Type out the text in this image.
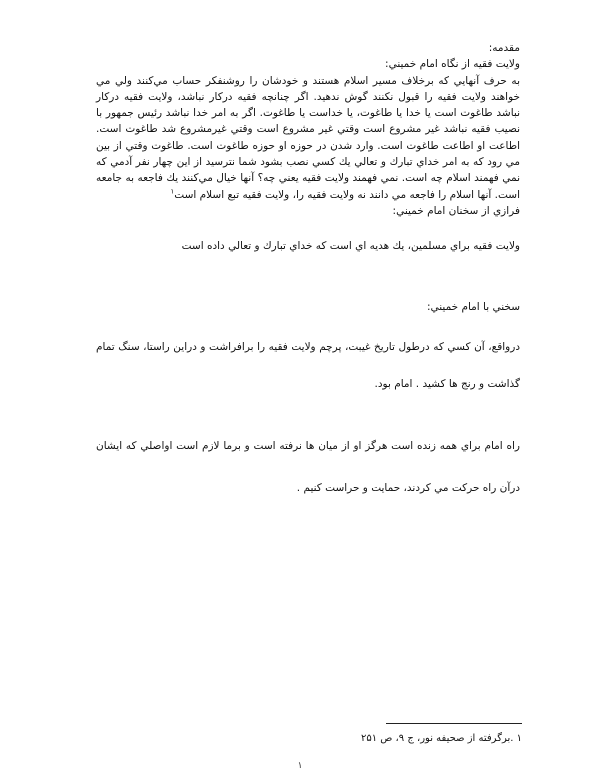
مقدمه:

ولايت فقيه از نگاه امام خميني:

به حرف آنهايي كه برخلاف مسير اسلام هستند و خودشان را روشنفكر حساب مي‌كنند ولي مي خواهند ولايت فقيه را قبول نكنند گوش ندهيد. اگر چنانچه فقيه دركار نباشد، ولايت فقيه دركار نباشد طاغوت است يا خدا يا طاغوت، يا خداست يا طاغوت. اگر به امر خدا نباشد رئيس جمهور با نصيب فقيه نباشد غير مشروع است وقتي غير مشروع است وقتي غيرمشروع شد طاغوت است. اطاعت او اطاعت طاغوت است. وارد شدن در حوزه او حوزه طاغوت است. طاغوت وقتي از بين مي رود كه به امر خداي تبارك و تعالي يك كسي نصب بشود شما نترسيد از اين چهار نفر آدمي كه نمي فهمند اسلام چه است. نمي فهمند ولايت فقيه يعني چه؟ آنها خيال مي‌كنند يك فاجعه به جامعه است. آنها اسلام را فاجعه مي دانند نه ولايت فقيه را، ولايت فقيه تبع اسلام است$^۱$

فرازي از سخنان امام خميني:

ولايت فقيه براي مسلمين، يك هديه اي است كه خداي تبارك و تعالي داده است

سخني با امام خميني:

درواقع، آن كسي كه درطول تاريخ غيبت، پرچم ولايت فقيه را برافراشت و دراين راستا، سنگ تمام گذاشت و رنج ها كشيد . امام بود.

راه امام براي همه زنده است هرگز او از ميان ها نرفته است و برما لازم است اواصلي كه ايشان درآن راه حركت مي كردند، حمايت و حراست كنيم .

۱ .برگرفته از صحيفه نور، ج ۹، ص ۲۵۱
۱
